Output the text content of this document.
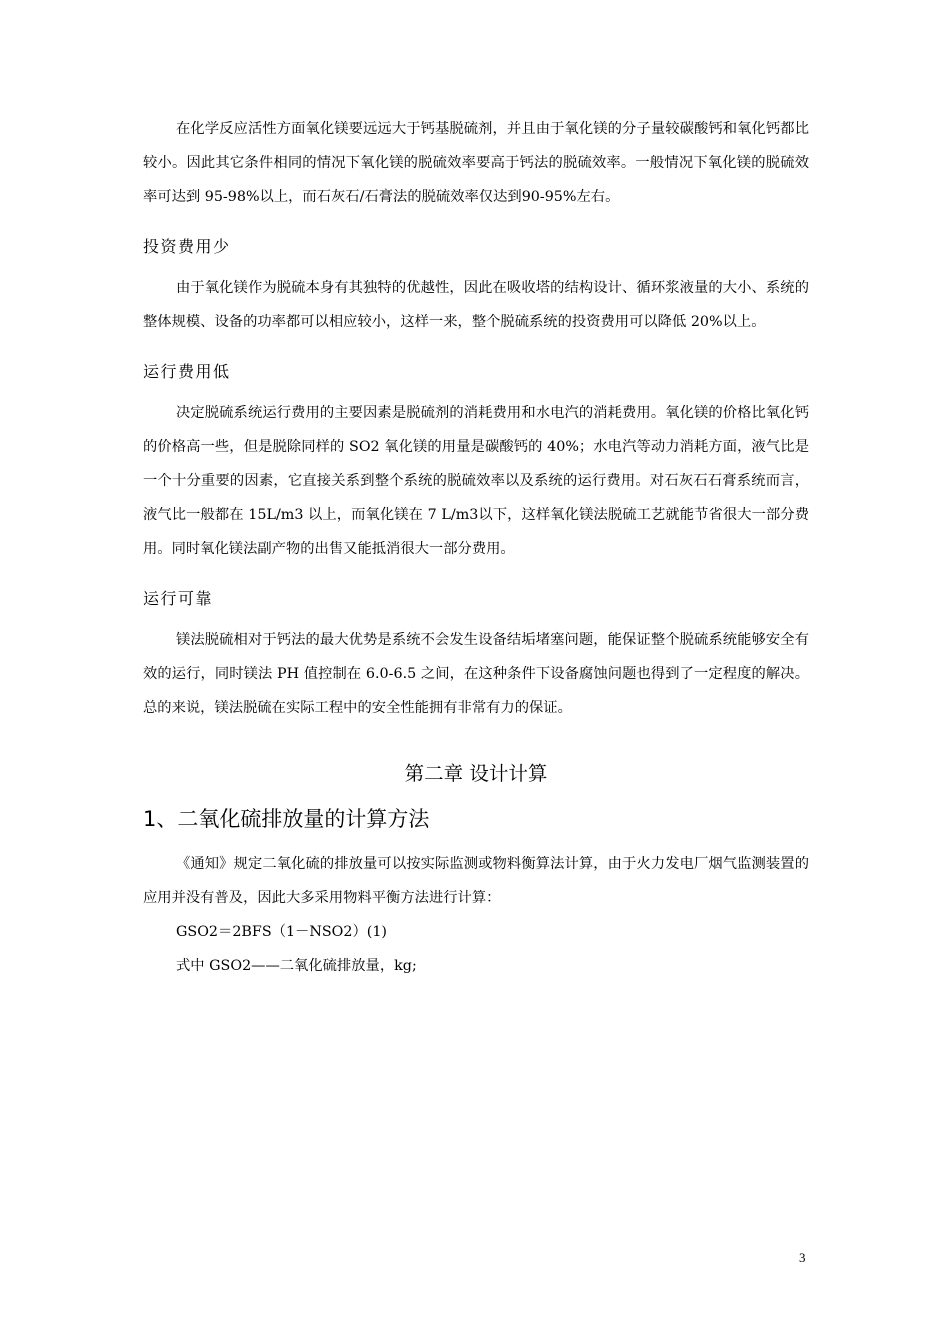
在化学反应活性方面氧化镁要远远大于钙基脱硫剂，并且由于氧化镁的分子量较碳酸钙和氧化钙都比较小。因此其它条件相同的情况下氧化镁的脱硫效率要高于钙法的脱硫效率。一般情况下氧化镁的脱硫效率可达到 95-98%以上，而石灰石/石膏法的脱硫效率仅达到90-95%左右。

投资费用少

由于氧化镁作为脱硫本身有其独特的优越性，因此在吸收塔的结构设计、循环浆液量的大小、系统的整体规模、设备的功率都可以相应较小，这样一来，整个脱硫系统的投资费用可以降低 20%以上。

运行费用低

决定脱硫系统运行费用的主要因素是脱硫剂的消耗费用和水电汽的消耗费用。氧化镁的价格比氧化钙的价格高一些，但是脱除同样的 SO2 氧化镁的用量是碳酸钙的 40%；水电汽等动力消耗方面，液气比是一个十分重要的因素，它直接关系到整个系统的脱硫效率以及系统的运行费用。对石灰石石膏系统而言，液气比一般都在 15L/m3 以上，而氧化镁在 7 L/m3以下，这样氧化镁法脱硫工艺就能节省很大一部分费用。同时氧化镁法副产物的出售又能抵消很大一部分费用。

运行可靠

镁法脱硫相对于钙法的最大优势是系统不会发生设备结垢堵塞问题，能保证整个脱硫系统能够安全有效的运行，同时镁法 PH 值控制在 6.0-6.5 之间，在这种条件下设备腐蚀问题也得到了一定程度的解决。总的来说，镁法脱硫在实际工程中的安全性能拥有非常有力的保证。

第二章 设计计算
1、二氧化硫排放量的计算方法

《通知》规定二氧化硫的排放量可以按实际监测或物料衡算法计算，由于火力发电厂烟气监测装置的应用并没有普及，因此大多采用物料平衡方法进行计算：

GSO2＝2BFS（1－NSO2）(1)

式中 GSO2——二氧化硫排放量，kg;

3
